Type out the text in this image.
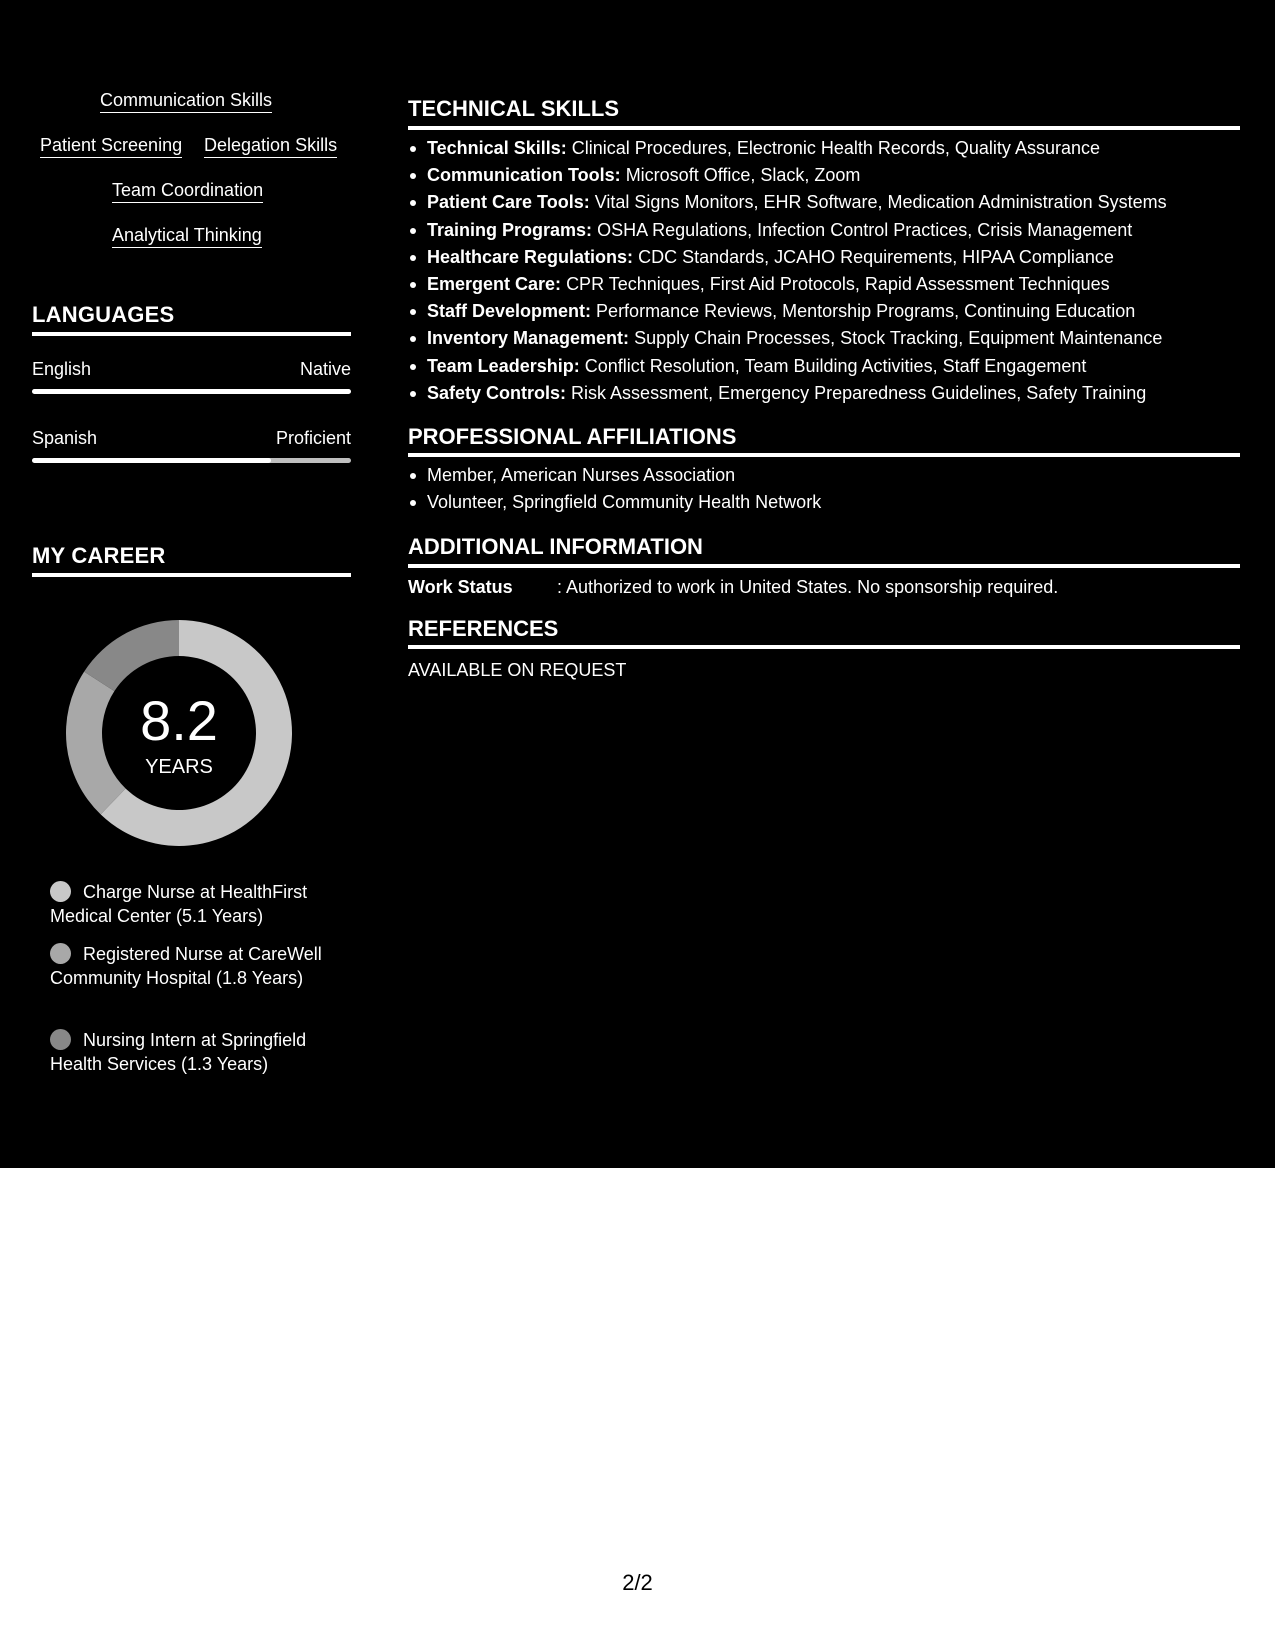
Communication Skills
Patient Screening Delegation Skills
Team Coordination
Analytical Thinking
LANGUAGES
English	Native
Spanish	Proficient
MY CAREER
8.2
YEARS
Charge Nurse at HealthFirst Medical Center (5.1 Years)
Registered Nurse at CareWell Community Hospital (1.8 Years)
Nursing Intern at Springfield Health Services (1.3 Years)
TECHNICAL SKILLS
Technical Skills: Clinical Procedures, Electronic Health Records, Quality Assurance
Communication Tools: Microsoft Office, Slack, Zoom
Patient Care Tools: Vital Signs Monitors, EHR Software, Medication Administration Systems
Training Programs: OSHA Regulations, Infection Control Practices, Crisis Management
Healthcare Regulations: CDC Standards, JCAHO Requirements, HIPAA Compliance
Emergent Care: CPR Techniques, First Aid Protocols, Rapid Assessment Techniques
Staff Development: Performance Reviews, Mentorship Programs, Continuing Education
Inventory Management: Supply Chain Processes, Stock Tracking, Equipment Maintenance
Team Leadership: Conflict Resolution, Team Building Activities, Staff Engagement
Safety Controls: Risk Assessment, Emergency Preparedness Guidelines, Safety Training
PROFESSIONAL AFFILIATIONS
Member, American Nurses Association
Volunteer, Springfield Community Health Network
ADDITIONAL INFORMATION
Work Status : Authorized to work in United States. No sponsorship required.
REFERENCES
AVAILABLE ON REQUEST
2/2
